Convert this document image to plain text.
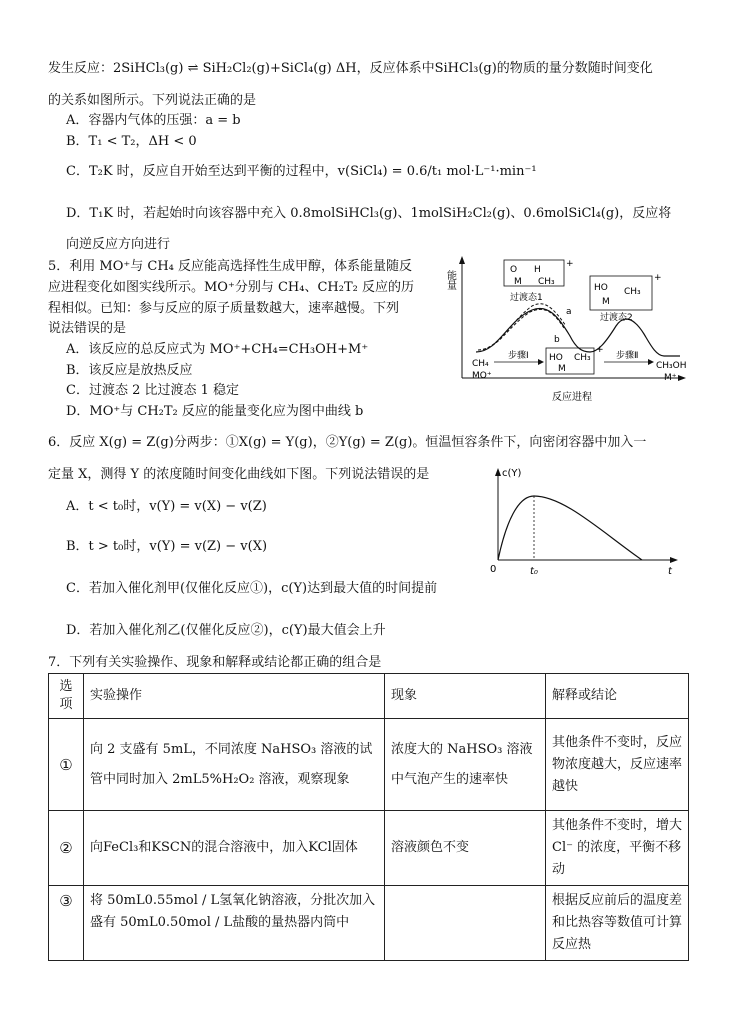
发生反应：2SiHCl₃(g) ⇌ SiH₂Cl₂(g)+SiCl₄(g) ΔH，反应体系中SiHCl₃(g)的物质的量分数随时间变化
的关系如图所示。下列说法正确的是
A．容器内气体的压强：a = b
B．T₁ < T₂，ΔH < 0
C．T₂K 时，反应自开始至达到平衡的过程中，v(SiCl₄) = 0.6/t₁ mol·L⁻¹·min⁻¹
D．T₁K 时，若起始时向该容器中充入 0.8molSiHCl₃(g)、1molSiH₂Cl₂(g)、0.6molSiCl₄(g)，反应将
向逆反应方向进行
5．利用 MO⁺与 CH₄ 反应能高选择性生成甲醇，体系能量随反
应进程变化如图实线所示。MO⁺分别与 CH₄、CH₂T₂ 反应的历
程相似。已知：参与反应的原子质量数越大，速率越慢。下列
说法错误的是
A．该反应的总反应式为 MO⁺+CH₄=CH₃OH+M⁺
B．该反应是放热反应
C．过渡态 2 比过渡态 1 稳定
D．MO⁺与 CH₂T₂ 反应的能量变化应为图中曲线 b
能量
反应进程
a
b
O H
M CH₃
+
过渡态1
HO
M
CH₃
+
过渡态2
HO
M
CH₃
+
CH₄
MO⁺
CH₃OH
M⁺
步骤Ⅰ	步骤Ⅱ
6．反应 X(g) = Z(g)分两步：①X(g) = Y(g)，②Y(g) = Z(g)。恒温恒容条件下，向密闭容器中加入一
定量 X，测得 Y 的浓度随时间变化曲线如下图。下列说法错误的是
A．t < t₀时，v(Y) = v(X) − v(Z)
B．t > t₀时，v(Y) = v(Z) − v(X)
C．若加入催化剂甲(仅催化反应①)，c(Y)达到最大值的时间提前
D．若加入催化剂乙(仅催化反应②)，c(Y)最大值会上升
c(Y)
t
0	t₀
7．下列有关实验操作、现象和解释或结论都正确的组合是
选项	实验操作	现象	解释或结论
①	向 2 支盛有 5mL，不同浓度 NaHSO₃ 溶液的试管中同时加入 2mL5%H₂O₂ 溶液，观察现象	浓度大的 NaHSO₃ 溶液中气泡产生的速率快	其他条件不变时，反应物浓度越大，反应速率越快
②	向FeCl₃和KSCN的混合溶液中，加入KCl固体	溶液颜色不变	其他条件不变时，增大 Cl⁻ 的浓度，平衡不移动
③	将 50mL0.55mol / L氢氧化钠溶液，分批次加入盛有 50mL0.50mol / L盐酸的量热器内筒中		根据反应前后的温度差和比热容等数值可计算反应热
